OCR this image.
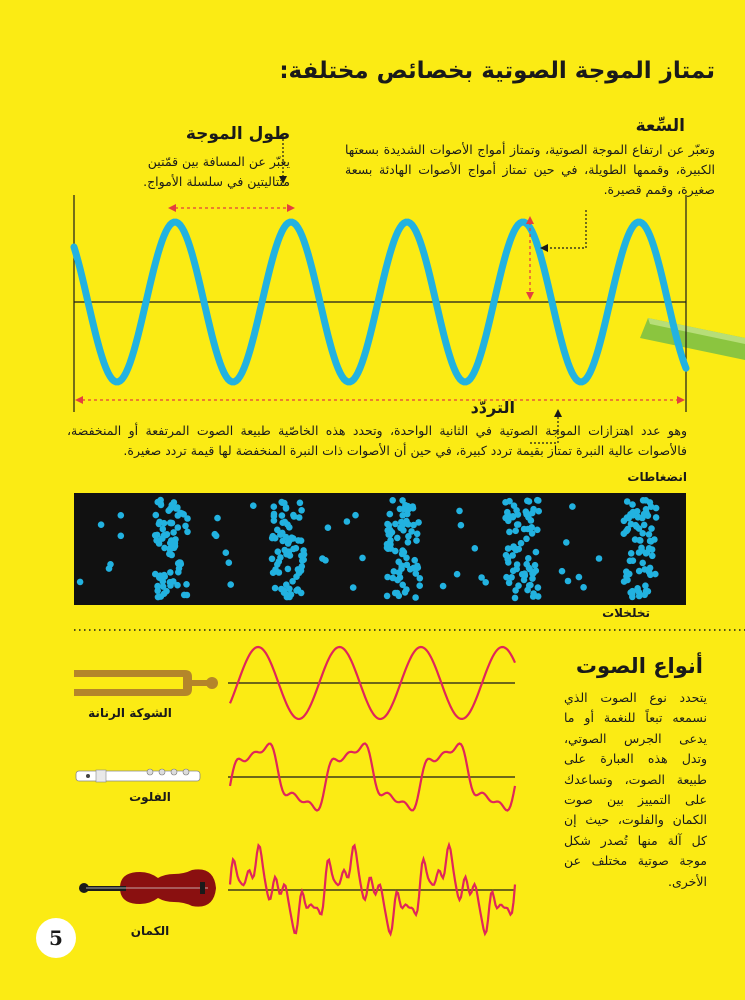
تمتاز الموجة الصوتية بخصائص مختلفة:
السِّعة
وتعبّر عن ارتفاع الموجة الصوتية، وتمتاز أمواج الأصوات الشديدة بسعتها الكبيرة، وقممها الطويلة، في حين تمتاز أمواج الأصوات الهادئة بسعة صغيرة، وقمم قصيرة.
طول الموجة
يعبّر عن المسافة بين قمّتين متتاليتين في سلسلة الأمواج.
التردّد
وهو عدد اهتزازات الموجة الصوتية في الثانية الواحدة، وتحدد هذه الخاصّية طبيعة الصوت المرتفعة أو المنخفضة، فالأصوات عالية النبرة تمتاز بقيمة تردد كبيرة، في حين أن الأصوات ذات النبرة المنخفضة لها قيمة تردد صغيرة.
انضغاطات
تخلخلات
أنواع الصوت
يتحدد نوع الصوت الذي نسمعه تبعاً للنغمة أو ما يدعى الجرس الصوتي، وتدل هذه العبارة على طبيعة الصوت، وتساعدك على التمييز بين صوت الكمان والفلوت، حيث إن كل آلة منها تُصدر شكل موجة صوتية مختلف عن الأخرى.
الشوكة الرنانة
الفلوت
الكمان
5
